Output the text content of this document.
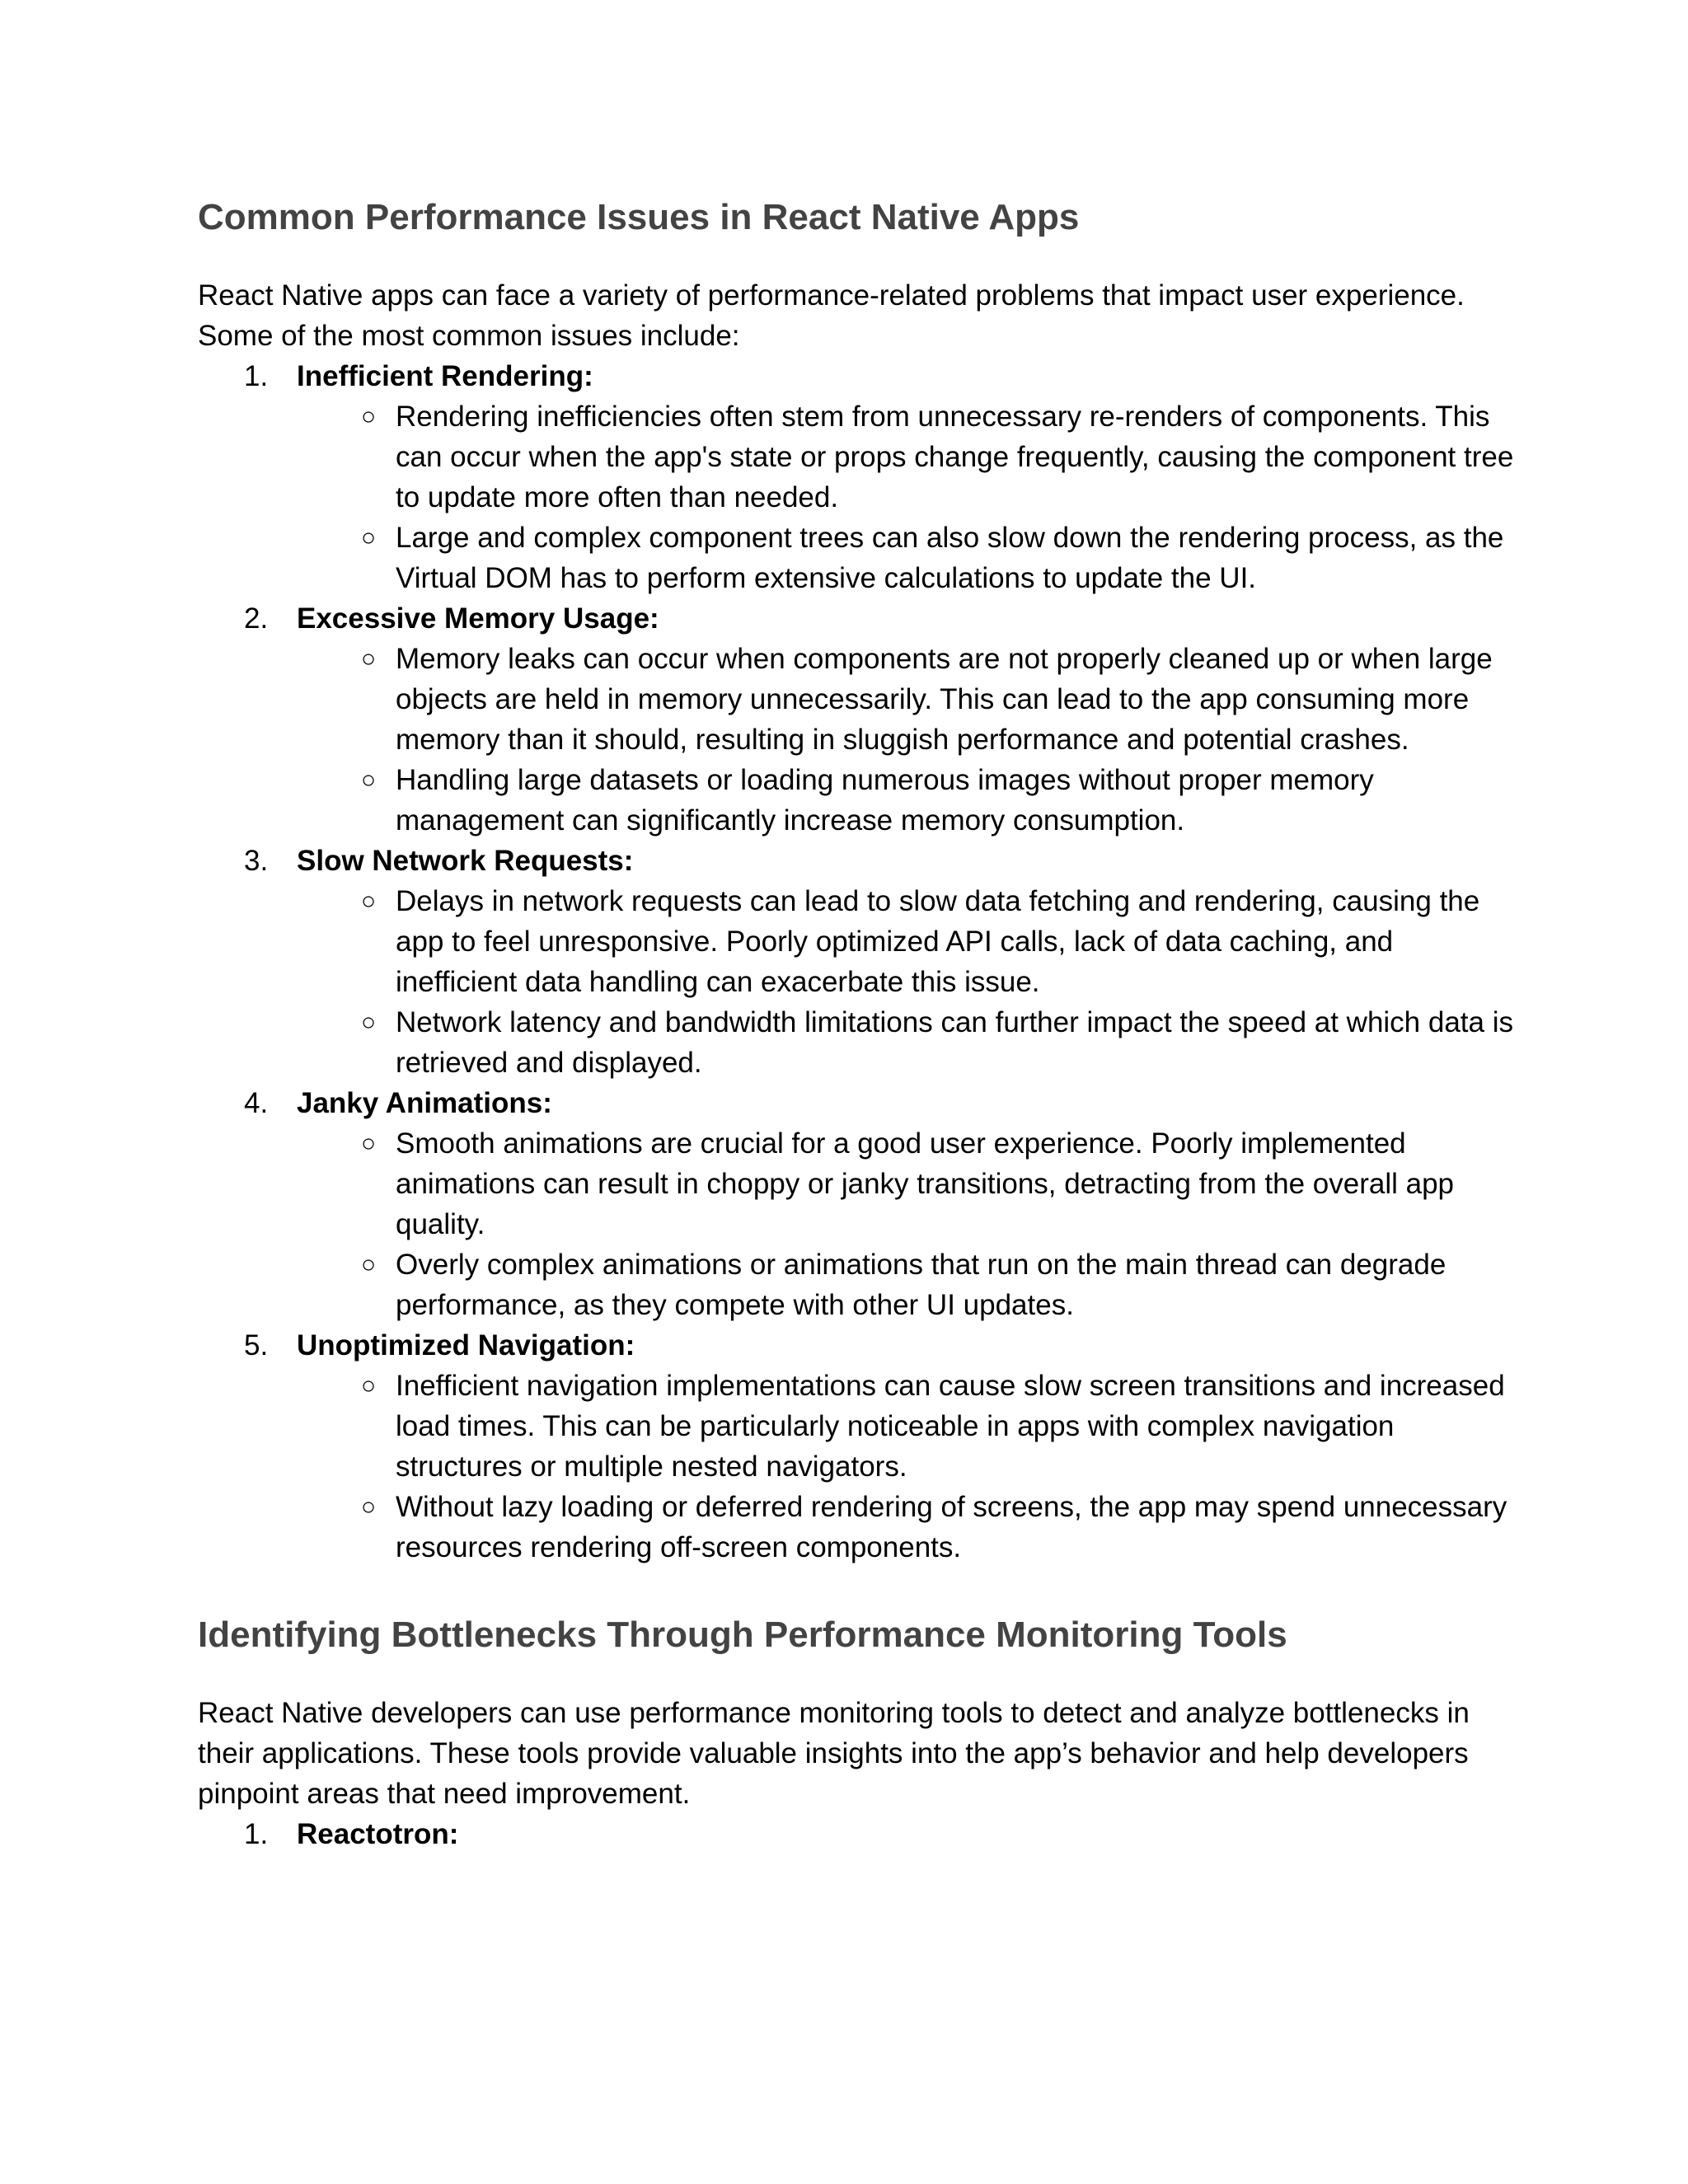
Common Performance Issues in React Native Apps

React Native apps can face a variety of performance-related problems that impact user experience. Some of the most common issues include:

1. Inefficient Rendering:
○ Rendering inefficiencies often stem from unnecessary re-renders of components. This can occur when the app's state or props change frequently, causing the component tree to update more often than needed.
○ Large and complex component trees can also slow down the rendering process, as the Virtual DOM has to perform extensive calculations to update the UI.
2. Excessive Memory Usage:
○ Memory leaks can occur when components are not properly cleaned up or when large objects are held in memory unnecessarily. This can lead to the app consuming more memory than it should, resulting in sluggish performance and potential crashes.
○ Handling large datasets or loading numerous images without proper memory management can significantly increase memory consumption.
3. Slow Network Requests:
○ Delays in network requests can lead to slow data fetching and rendering, causing the app to feel unresponsive. Poorly optimized API calls, lack of data caching, and inefficient data handling can exacerbate this issue.
○ Network latency and bandwidth limitations can further impact the speed at which data is retrieved and displayed.
4. Janky Animations:
○ Smooth animations are crucial for a good user experience. Poorly implemented animations can result in choppy or janky transitions, detracting from the overall app quality.
○ Overly complex animations or animations that run on the main thread can degrade performance, as they compete with other UI updates.
5. Unoptimized Navigation:
○ Inefficient navigation implementations can cause slow screen transitions and increased load times. This can be particularly noticeable in apps with complex navigation structures or multiple nested navigators.
○ Without lazy loading or deferred rendering of screens, the app may spend unnecessary resources rendering off-screen components.
Identifying Bottlenecks Through Performance Monitoring Tools

React Native developers can use performance monitoring tools to detect and analyze bottlenecks in their applications. These tools provide valuable insights into the app’s behavior and help developers pinpoint areas that need improvement.

1. Reactotron:
